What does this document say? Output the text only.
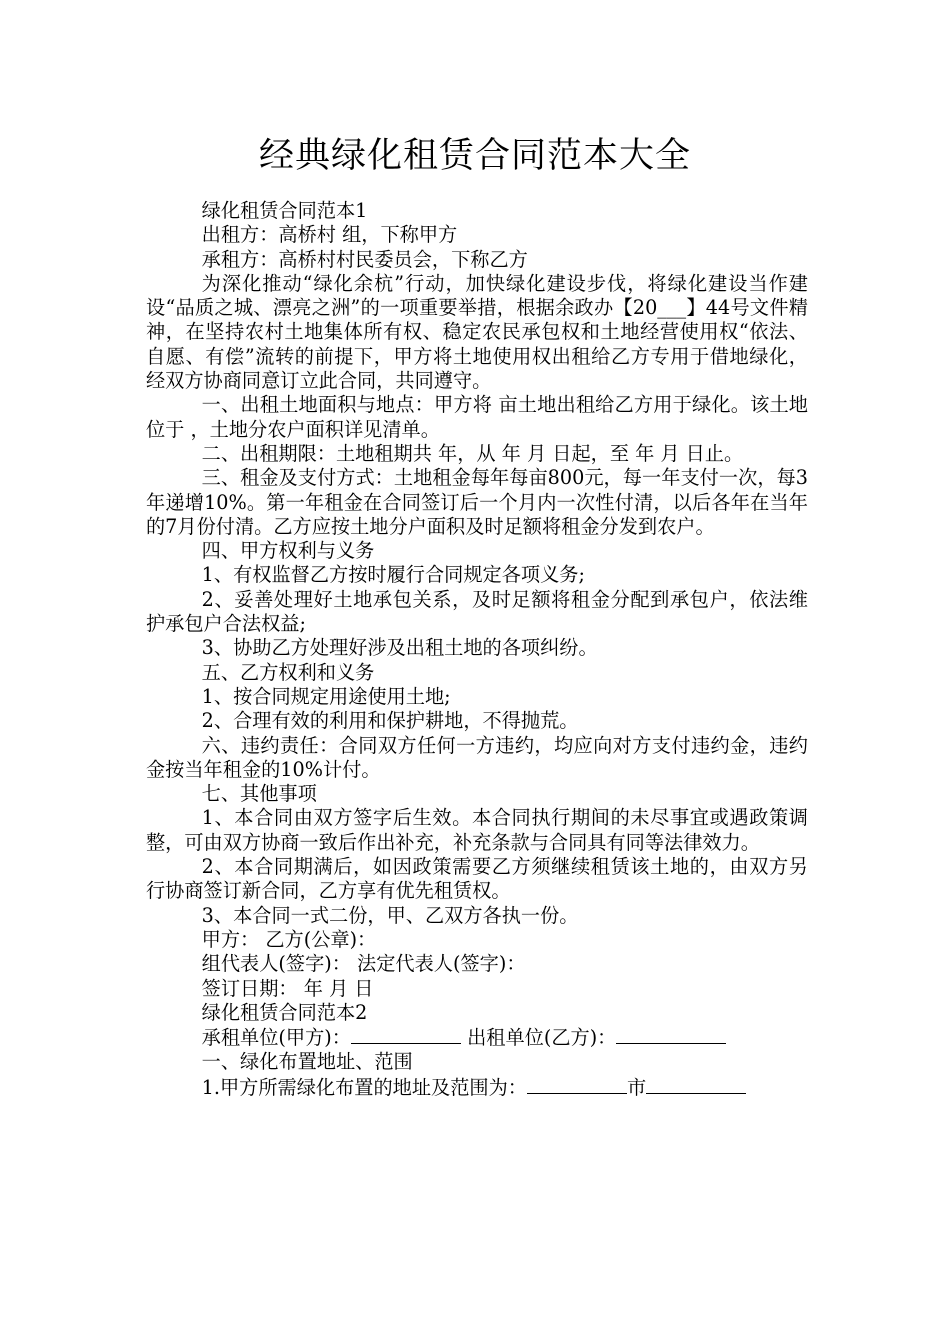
经典绿化租赁合同范本大全

绿化租赁合同范本1

出租方：高桥村 组，下称甲方

承租方：高桥村村民委员会，下称乙方

为深化推动“绿化余杭”行动，加快绿化建设步伐，将绿化建设当作建设“品质之城、漂亮之洲”的一项重要举措，根据余政办【20___】44号文件精神，在坚持农村土地集体所有权、稳定农民承包权和土地经营使用权“依法、自愿、有偿”流转的前提下，甲方将土地使用权出租给乙方专用于借地绿化，经双方协商同意订立此合同，共同遵守。

一、出租土地面积与地点：甲方将 亩土地出租给乙方用于绿化。该土地位于 ，土地分农户面积详见清单。

二、出租期限：土地租期共 年，从 年 月 日起，至 年 月 日止。

三、租金及支付方式：土地租金每年每亩800元，每一年支付一次，每3年递增10%。第一年租金在合同签订后一个月内一次性付清，以后各年在当年的7月份付清。乙方应按土地分户面积及时足额将租金分发到农户。

四、甲方权利与义务

1、有权监督乙方按时履行合同规定各项义务;

2、妥善处理好土地承包关系，及时足额将租金分配到承包户，依法维护承包户合法权益;

3、协助乙方处理好涉及出租土地的各项纠纷。

五、乙方权利和义务

1、按合同规定用途使用土地;

2、合理有效的利用和保护耕地，不得抛荒。

六、违约责任：合同双方任何一方违约，均应向对方支付违约金，违约金按当年租金的10%计付。

七、其他事项

1、本合同由双方签字后生效。本合同执行期间的未尽事宜或遇政策调整，可由双方协商一致后作出补充，补充条款与合同具有同等法律效力。

2、本合同期满后，如因政策需要乙方须继续租赁该土地的，由双方另行协商签订新合同，乙方享有优先租赁权。

3、本合同一式二份，甲、乙双方各执一份。

甲方： 乙方(公章)：

组代表人(签字)： 法定代表人(签字)：

签订日期： 年 月 日

绿化租赁合同范本2

承租单位(甲方)：	出租单位(乙方)：

一、绿化布置地址、范围

1.甲方所需绿化布置的地址及范围为：	市
